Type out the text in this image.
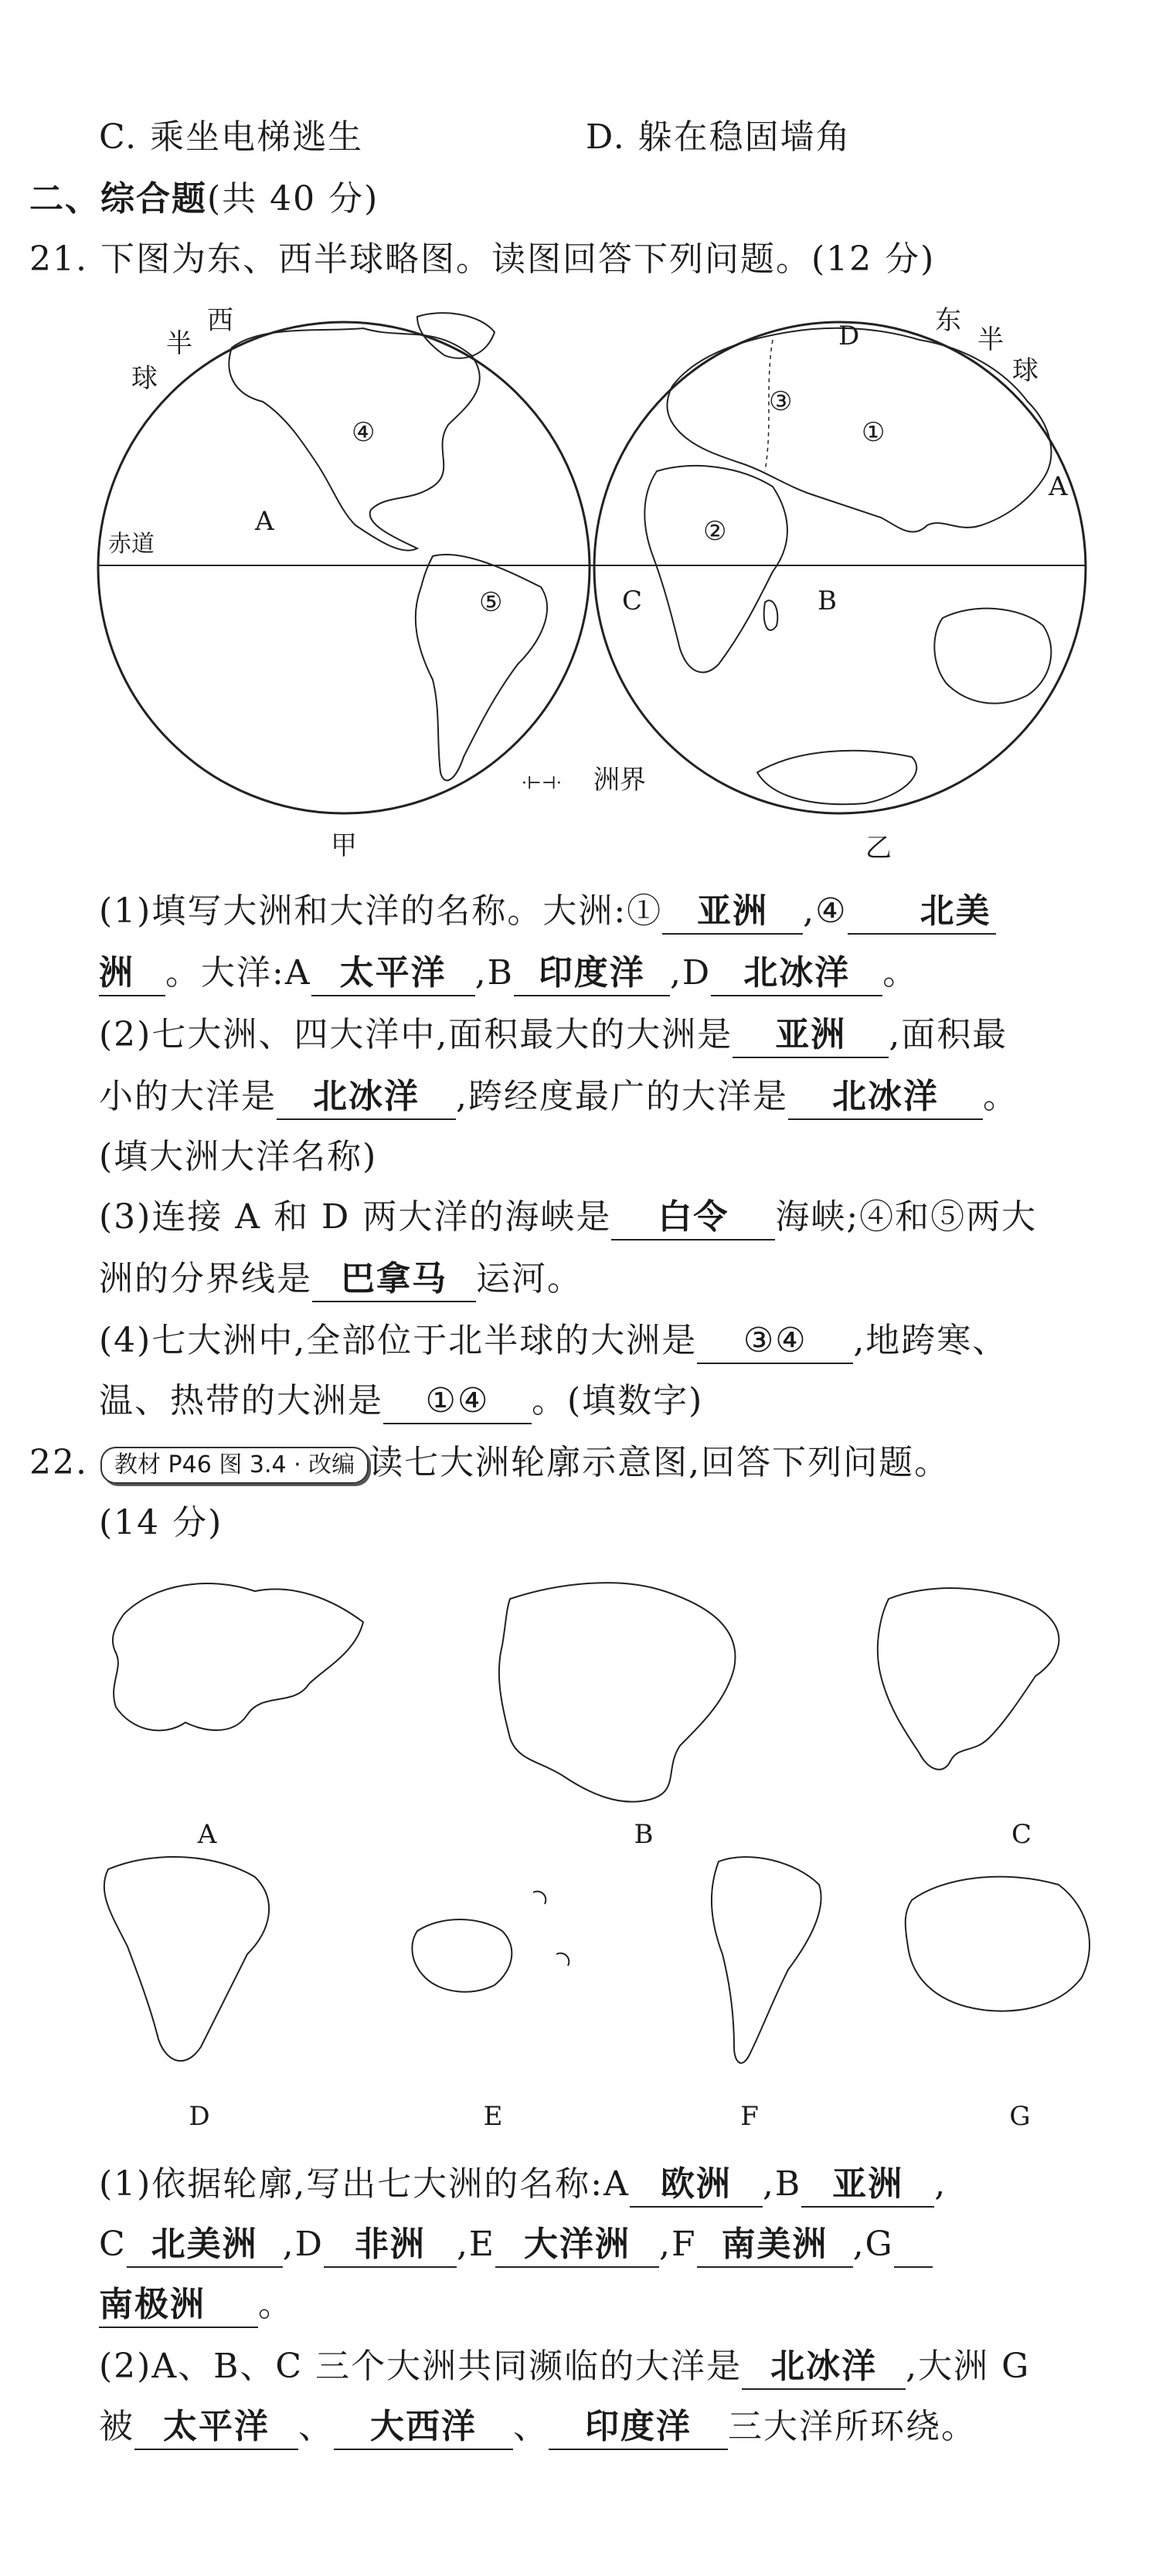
C. 乘坐电梯逃生	D. 躲在稳固墙角
二、综合题(共 40 分)
21. 下图为东、西半球略图。读图回答下列问题。(12 分)
西
半
球
东
半
球
赤道
④
A
⑤
D
③
①
②
A
C	B
·⊢⊣· 洲界
甲	乙
(1)填写大洲和大洋的名称。大洲:① 亚洲 ,④ 北美
洲 。大洋:A 太平洋 ,B 印度洋 ,D 北冰洋 。
(2)七大洲、四大洋中,面积最大的大洲是 亚洲 ,面积最
小的大洋是 北冰洋 ,跨经度最广的大洋是 北冰洋 。
(填大洲大洋名称)
(3)连接 A 和 D 两大洋的海峡是 白令 海峡;④和⑤两大
洲的分界线是 巴拿马 运河。
(4)七大洲中,全部位于北半球的大洲是 ③④ ,地跨寒、
温、热带的大洲是 ①④ 。(填数字)
22. 教材 P46 图 3.4 · 改编 读七大洲轮廓示意图,回答下列问题。
(14 分)
A	B	C
D	E	F	G
(1)依据轮廓,写出七大洲的名称:A 欧洲 ,B 亚洲 ,
C 北美洲 ,D 非洲 ,E 大洋洲 ,F 南美洲 ,G
南极洲 。
(2)A、B、C 三个大洲共同濒临的大洋是 北冰洋 ,大洲 G
被 太平洋 、 大西洋 、 印度洋 三大洋所环绕。
